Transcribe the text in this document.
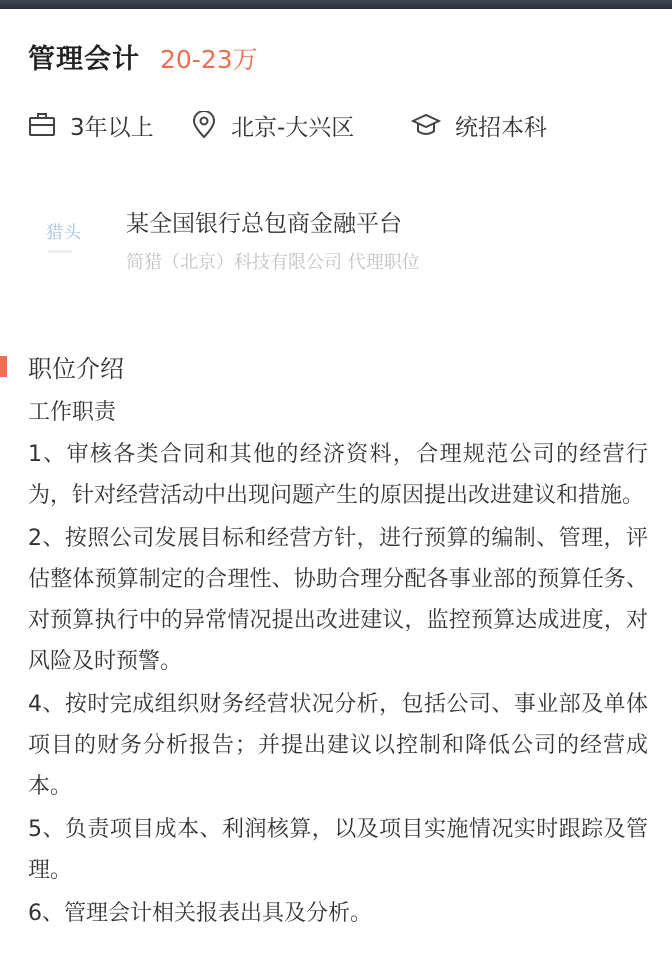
管理会计 20-23万
3年以上	北京-大兴区	统招本科
猎头 某全国银行总包商金融平台
简猎（北京）科技有限公司 代理职位
职位介绍
工作职责
1、审核各类合同和其他的经济资料，合理规范公司的经营行为，针对经营活动中出现问题产生的原因提出改进建议和措施。
2、按照公司发展目标和经营方针，进行预算的编制、管理，评估整体预算制定的合理性、协助合理分配各事业部的预算任务、对预算执行中的异常情况提出改进建议，监控预算达成进度，对风险及时预警。
4、按时完成组织财务经营状况分析，包括公司、事业部及单体项目的财务分析报告；并提出建议以控制和降低公司的经营成本。
5、负责项目成本、利润核算，以及项目实施情况实时跟踪及管理。
6、管理会计相关报表出具及分析。
